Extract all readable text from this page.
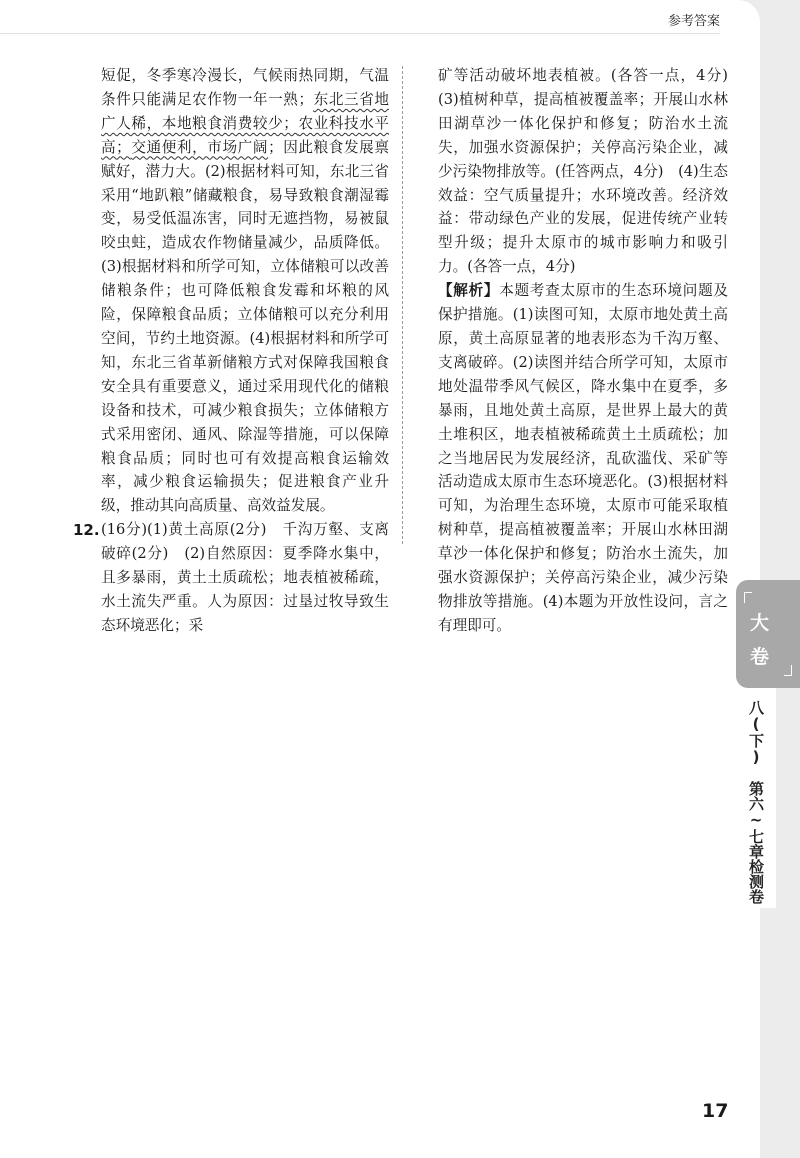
参考答案

短促，冬季寒冷漫长，气候雨热同期，气温条件只能满足农作物一年一熟；东北三省地广人稀，本地粮食消费较少；农业科技水平高；交通便利，市场广阔；因此粮食发展禀赋好，潜力大。(2)根据材料可知，东北三省采用“地趴粮”储藏粮食，易导致粮食潮湿霉变，易受低温冻害，同时无遮挡物，易被鼠咬虫蛀，造成农作物储量减少，品质降低。(3)根据材料和所学可知，立体储粮可以改善储粮条件；也可降低粮食发霉和坏粮的风险，保障粮食品质；立体储粮可以充分利用空间，节约土地资源。(4)根据材料和所学可知，东北三省革新储粮方式对保障我国粮食安全具有重要意义，通过采用现代化的储粮设备和技术，可减少粮食损失；立体储粮方式采用密闭、通风、除湿等措施，可以保障粮食品质；同时也可有效提高粮食运输效率，减少粮食运输损失；促进粮食产业升级，推动其向高质量、高效益发展。

12. (16分)(1)黄土高原(2分)　千沟万壑、支离破碎(2分)　(2)自然原因：夏季降水集中，且多暴雨，黄土土质疏松；地表植被稀疏，水土流失严重。人为原因：过垦过牧导致生态环境恶化；采

矿等活动破坏地表植被。(各答一点，4分)　(3)植树种草，提高植被覆盖率；开展山水林田湖草沙一体化保护和修复；防治水土流失，加强水资源保护；关停高污染企业，减少污染物排放等。(任答两点，4分)　(4)生态效益：空气质量提升；水环境改善。经济效益：带动绿色产业的发展，促进传统产业转型升级；提升太原市的城市影响力和吸引力。(各答一点，4分)

【解析】本题考查太原市的生态环境问题及保护措施。(1)读图可知，太原市地处黄土高原，黄土高原显著的地表形态为千沟万壑、支离破碎。(2)读图并结合所学可知，太原市地处温带季风气候区，降水集中在夏季，多暴雨，且地处黄土高原，是世界上最大的黄土堆积区，地表植被稀疏黄土土质疏松；加之当地居民为发展经济，乱砍滥伐、采矿等活动造成太原市生态环境恶化。(3)根据材料可知，为治理生态环境，太原市可能采取植树种草，提高植被覆盖率；开展山水林田湖草沙一体化保护和修复；防治水土流失，加强水资源保护；关停高污染企业，减少污染物排放等措施。(4)本题为开放性设问，言之有理即可。

17
大
卷
八(下)　第六~七章检测卷
